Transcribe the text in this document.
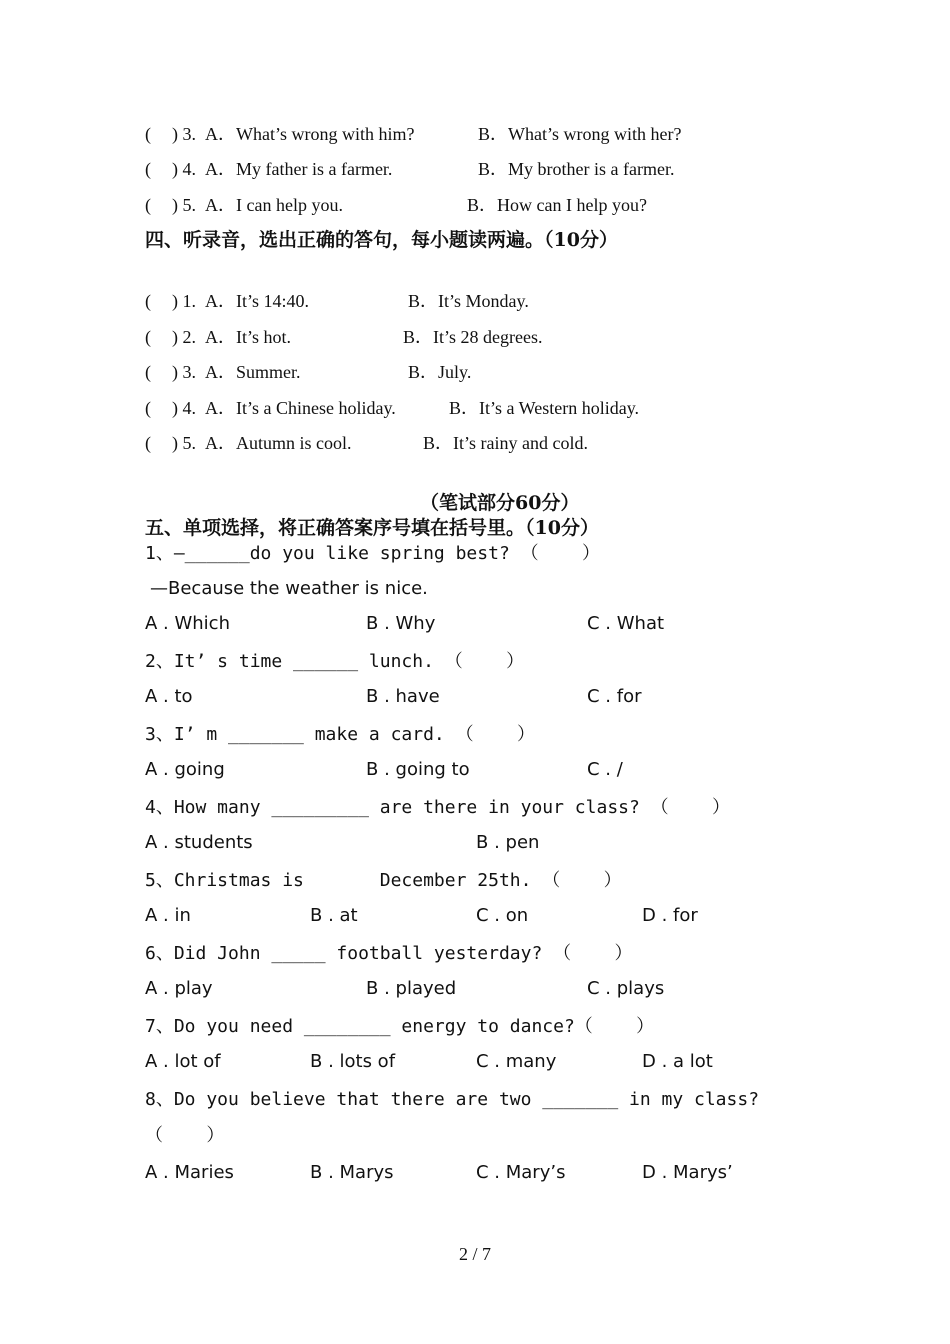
(

) 3.

A．What’s wrong with him?

	B．What’s wrong with her?

(

) 4.

A．My father is a farmer.

	B．My brother is a farmer.

(

) 5.

A．I can help you.

	B．How can I help you?

四、听录音，选出正确的答句，每小题读两遍。（10分）

(

) 1.

A．It’s 14:40.

	B．It’s Monday.

(

) 2.

A．It’s hot.

	B．It’s 28 degrees.

(

) 3.

A．Summer.

	B．July.

(

) 4.

A．It’s a Chinese holiday.

	B．It’s a Western holiday.

(

) 5.

A．Autumn is cool.

	B．It’s rainy and cold.

（笔试部分60分）
五、单项选择，将正确答案序号填在括号里。（10分）
1、—______do you like spring best? （    ）
—Because the weather is nice.

A . Which

	B . Why

	C . What

2、It’ s time ______ lunch. （    ）

A . to

	B . have

	C . for

3、I’ m _______ make a card. （    ）

A . going

	B . going to

	C . /

4、How many _________ are there in your class? （    ）

A . students

	B . pen

5、Christmas is       December 25th. （    ）

A . in

	B . at

	C . on

	D . for

6、Did John _____ football yesterday? （    ）

A . play

	B . played

	C . plays

7、Do you need ________ energy to dance?（    ）

A . lot of

	B . lots of

	C . many

	D . a lot

8、Do you believe that there are two _______ in my class?
（    ）

A . Maries

	B . Marys

	C . Mary’s

	D . Marys’

2 / 7
